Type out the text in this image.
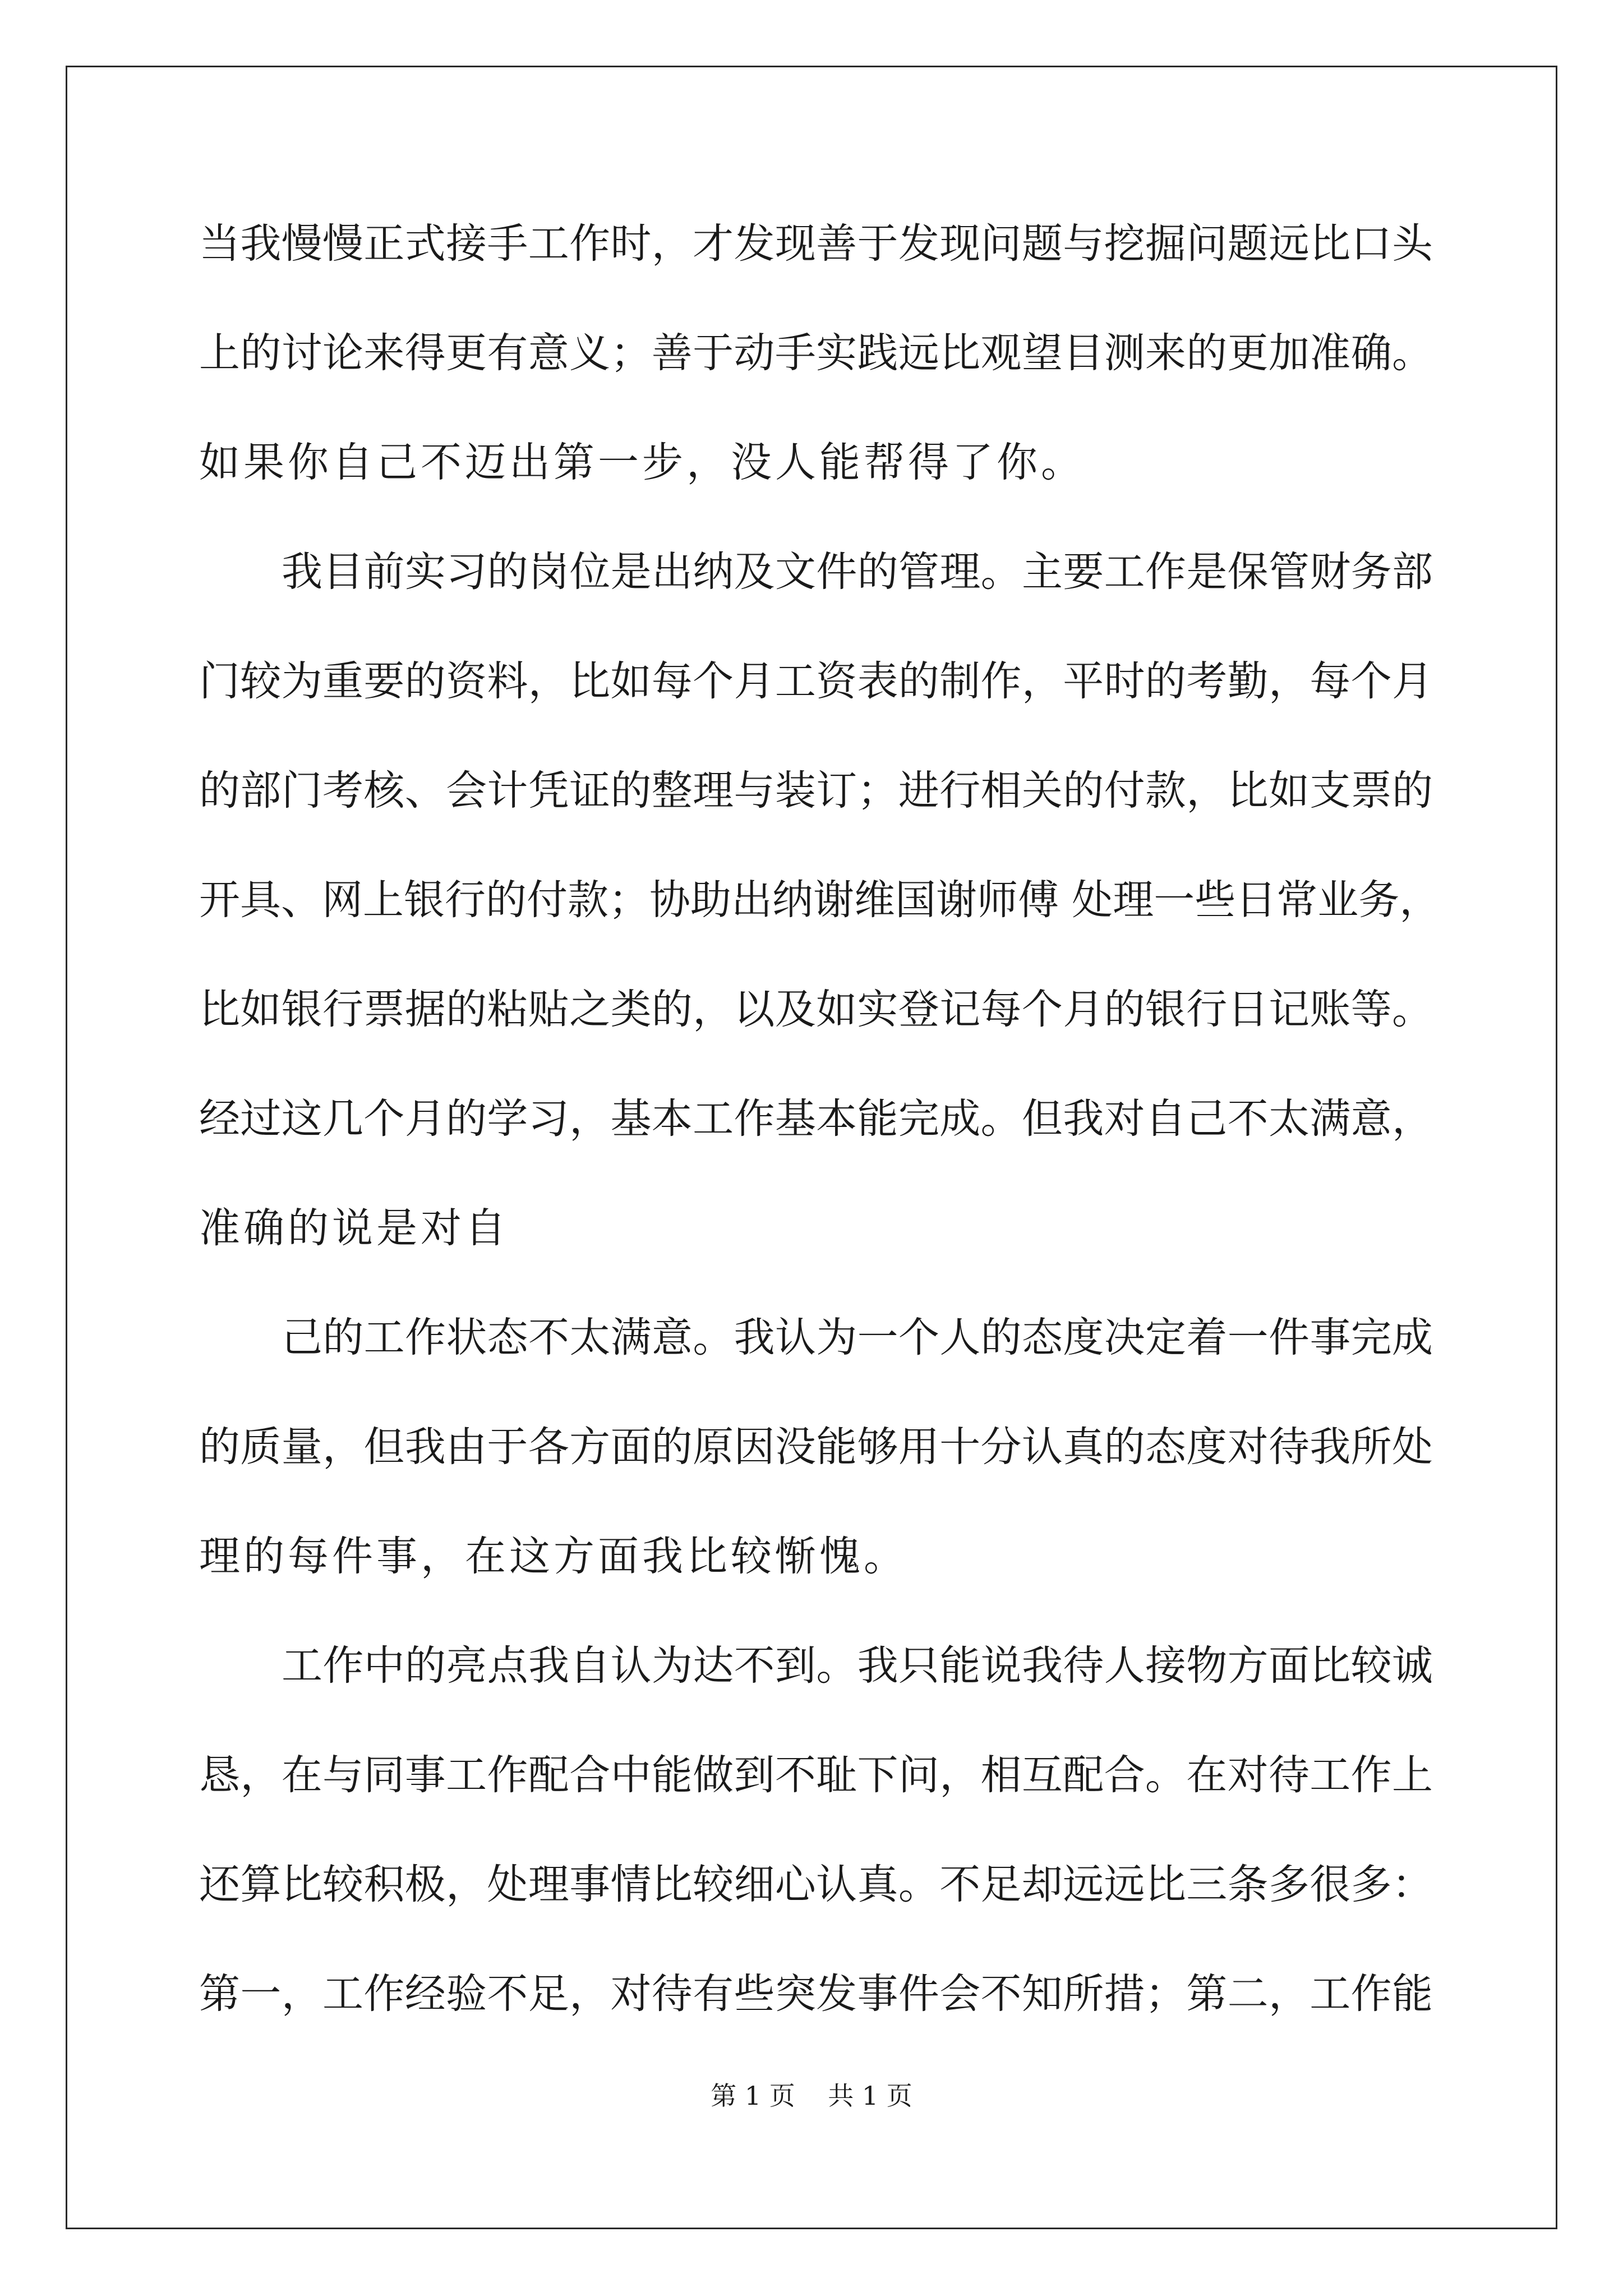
当我慢慢正式接手工作时，才发现善于发现问题与挖掘问题远比口头
上的讨论来得更有意义；善于动手实践远比观望目测来的更加准确。
如果你自己不迈出第一步，没人能帮得了你。
我目前实习的岗位是出纳及文件的管理。主要工作是保管财务部
门较为重要的资料，比如每个月工资表的制作，平时的考勤，每个月
的部门考核、会计凭证的整理与装订；进行相关的付款，比如支票的
开具、网上银行的付款；协助出纳谢维国谢师傅 处理一些日常业务，
比如银行票据的粘贴之类的，以及如实登记每个月的银行日记账等。
经过这几个月的学习，基本工作基本能完成。但我对自己不太满意，
准确的说是对自
己的工作状态不太满意。我认为一个人的态度决定着一件事完成
的质量，但我由于各方面的原因没能够用十分认真的态度对待我所处
理的每件事，在这方面我比较惭愧。
工作中的亮点我自认为达不到。我只能说我待人接物方面比较诚
恳，在与同事工作配合中能做到不耻下问，相互配合。在对待工作上
还算比较积极，处理事情比较细心认真。不足却远远比三条多很多：
第一，工作经验不足，对待有些突发事件会不知所措；第二，工作能
第 1 页    共 1 页
